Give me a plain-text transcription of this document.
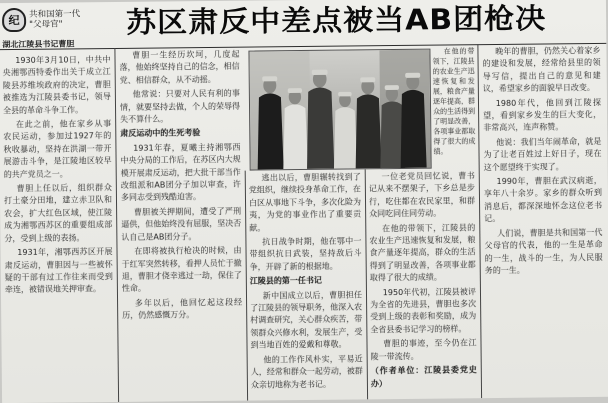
纪	共和国第一代
"父母官"	苏区肃反中差点被当AB团枪决
湖北江陵县书记曹胆

1930年3月10日，中共中央湘鄂西特委作出关于成立江陵县苏维埃政府的决定，曹胆被推选为江陵县委书记，领导全县的革命斗争工作。

在此之前，他在家乡从事农民运动，参加过1927年的秋收暴动，坚持在洪湖一带开展游击斗争，是江陵地区较早的共产党员之一。

曹胆上任以后，组织群众打土豪分田地，建立赤卫队和农会，扩大红色区域，使江陵成为湘鄂西苏区的重要组成部分，受到上级的表扬。

1931年，湘鄂西苏区开展肃反运动，曹胆因与一些被怀疑的干部有过工作往来而受到牵连，被错误地关押审查。

曹胆一生经历坎坷，几度起落，他始终坚持自己的信念，相信党、相信群众，从不动摇。

他常说：只要对人民有利的事情，就要坚持去做，个人的荣辱得失不算什么。

肃反运动中的生死考验

1931年春，夏曦主持湘鄂西中央分局的工作后，在苏区内大规模开展肃反运动，把大批干部当作改组派和AB团分子加以审查，许多同志受到残酷迫害。

曹胆被关押期间，遭受了严刑逼供，但他始终没有屈服，坚决否认自己是AB团分子。

在即将被执行枪决的时候，由于红军突然转移，看押人员忙于撤退，曹胆才侥幸逃过一劫，保住了性命。

多年以后，他回忆起这段经历，仍然感慨万分。

逃出以后，曹胆辗转找到了党组织，继续投身革命工作，在白区从事地下斗争，多次化险为夷，为党的事业作出了重要贡献。

抗日战争时期，他在鄂中一带组织抗日武装，坚持敌后斗争，开辟了新的根据地。

江陵县的第一任书记

新中国成立以后，曹胆担任了江陵县的领导职务，他深入农村调查研究，关心群众疾苦，带领群众兴修水利，发展生产，受到当地百姓的爱戴和尊敬。

他的工作作风朴实，平易近人，经常和群众一起劳动，被群众亲切地称为老书记。

一位老党员回忆说，曹书记从来不摆架子，下乡总是步行，吃住都在农民家里，和群众同吃同住同劳动。

在他的带领下，江陵县的农业生产迅速恢复和发展，粮食产量逐年提高，群众的生活得到了明显改善，各项事业都取得了很大的成绩。

1950年代初，江陵县被评为全省的先进县，曹胆也多次受到上级的表彰和奖励，成为全省县委书记学习的榜样。

曹胆的事迹，至今仍在江陵一带流传。

（作者单位：江陵县委党史办）

晚年的曹胆，仍然关心着家乡的建设和发展，经常给县里的领导写信，提出自己的意见和建议，希望家乡的面貌早日改变。

1980年代，他回到江陵探望，看到家乡发生的巨大变化，非常高兴，连声称赞。

他说：我们当年闹革命，就是为了让老百姓过上好日子，现在这个愿望终于实现了。

1990年，曹胆在武汉病逝，享年八十余岁。家乡的群众听到消息后，都深深地怀念这位老书记。

人们说，曹胆是共和国第一代父母官的代表，他的一生是革命的一生，战斗的一生，为人民服务的一生。

在他的带领下，江陵县的农业生产迅速恢复和发展，粮食产量逐年提高，群众的生活得到了明显改善，各项事业都取得了很大的成绩。
